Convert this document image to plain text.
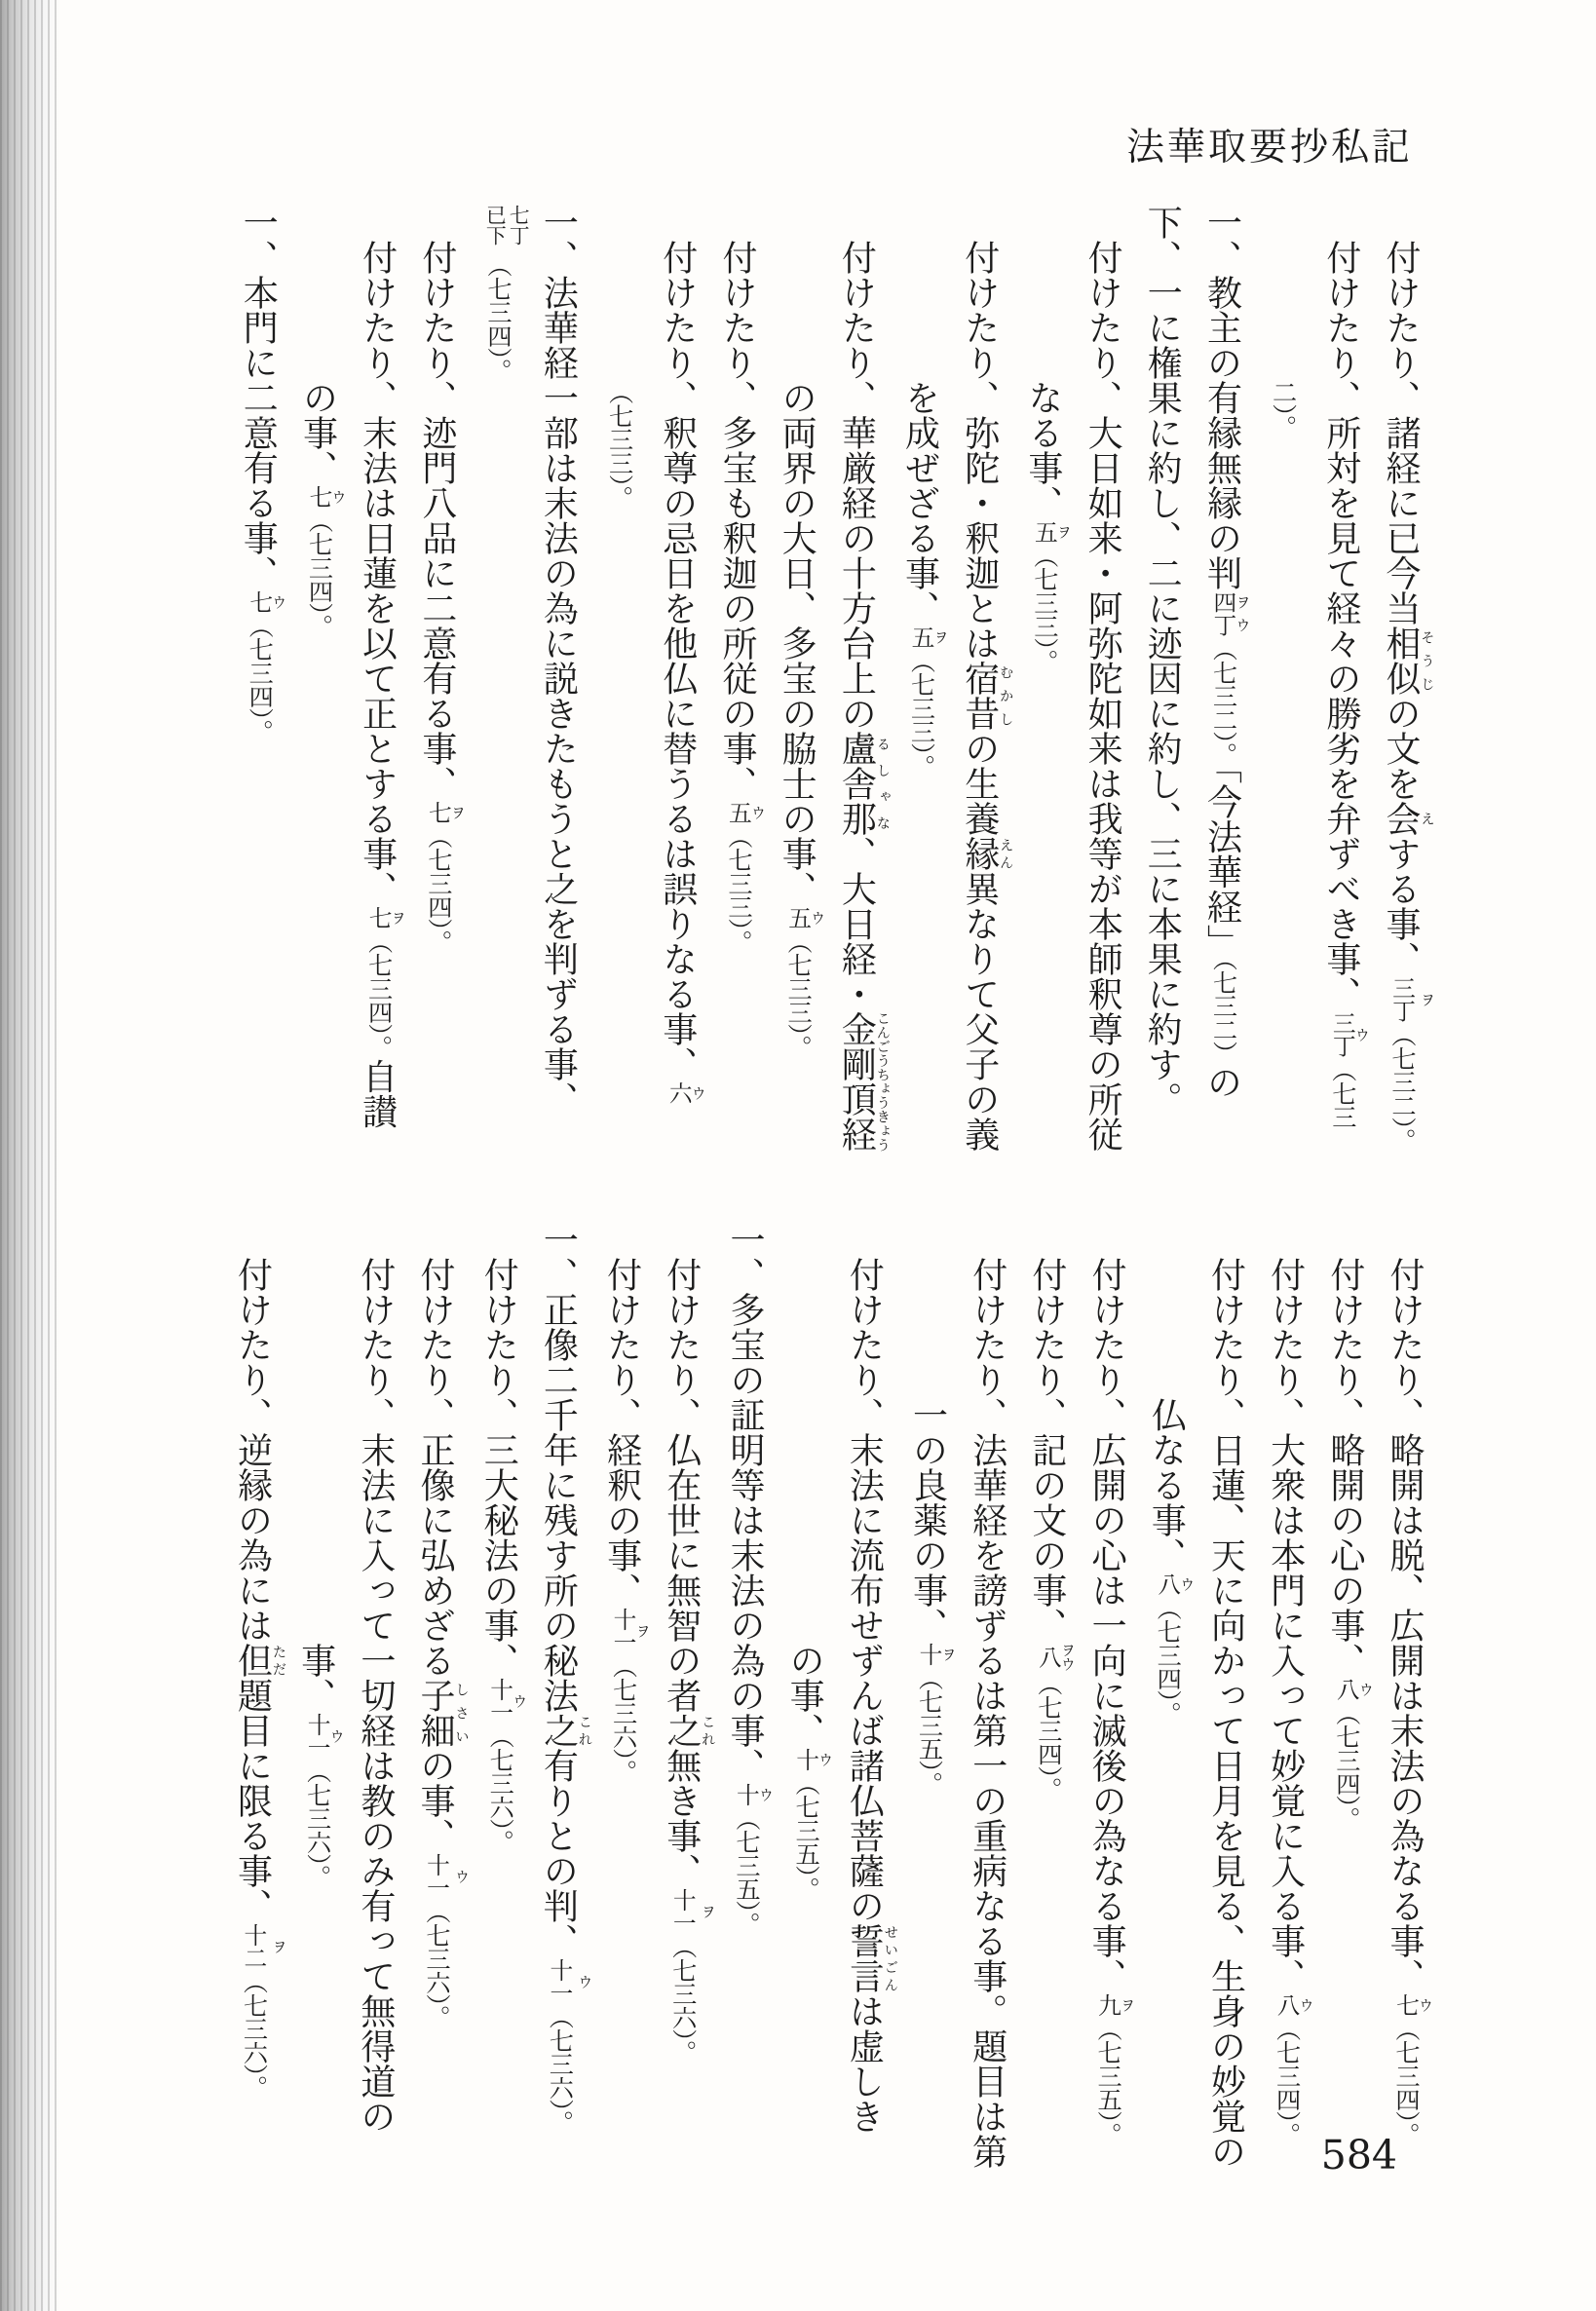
法華取要抄私記
付けたり、諸経に已今当相似そうじの文を会えする事、三丁 ヲ（七三二）。
付けたり、所対を見て経々の勝劣を弁ずべき事、三丁 ウ（七三
二）。
一、教主の有縁無縁の判四丁 ヲウ（七三二）。「今法華経」（七三二）の
下、一に権果に約し、二に迹因に約し、三に本果に約す。
付けたり、大日如来・阿弥陀如来は我等が本師釈尊の所従
なる事、五 ヲ（七三三）。
付けたり、弥陀・釈迦とは宿昔むかしの生養縁えん異なりて父子の義
を成ぜざる事、五 ヲ（七三三）。
付けたり、華厳経の十方台上の盧舎那るしゃな、大日経・金剛頂経こんごうちょうきょう
の両界の大日、多宝の脇士の事、五 ウ（七三三）。
付けたり、多宝も釈迦の所従の事、五 ウ（七三三）。
付けたり、釈尊の忌日を他仏に替うるは誤りなる事、六 ウ
（七三三）。
一、法華経一部は末法の為に説きたもうと之を判ずる事、
七丁已下（七三四）。
付けたり、迹門八品に二意有る事、七 ヲ（七三四）。
付けたり、末法は日蓮を以て正とする事、七 ヲ（七三四）。自讃
の事、七 ウ（七三四）。
一、本門に二意有る事、七 ウ（七三四）。
付けたり、略開は脱、広開は末法の為なる事、七 ウ（七三四）。
付けたり、略開の心の事、八 ウ（七三四）。
付けたり、大衆は本門に入って妙覚に入る事、八 ウ（七三四）。
付けたり、日蓮、天に向かって日月を見る、生身の妙覚の
仏なる事、八 ウ（七三四）。
付けたり、広開の心は一向に滅後の為なる事、九 ヲ（七三五）。
付けたり、記の文の事、八 ヲウ（七三四）。
付けたり、法華経を謗ずるは第一の重病なる事。題目は第
一の良薬の事、十 ヲ（七三五）。
付けたり、末法に流布せずんば諸仏菩薩の誓言せいごんは虚しき
の事、十 ウ（七三五）。
一、多宝の証明等は末法の為の事、十 ウ（七三五）。
付けたり、仏在世に無智の者之これ無き事、十一 ヲ（七三六）。
付けたり、経釈の事、十一 ヲ（七三六）。
一、正像二千年に残す所の秘法之これ有りとの判、十一 ウ（七三六）。
付けたり、三大秘法の事、十一 ウ（七三六）。
付けたり、正像に弘めざる子細しさいの事、十一 ウ（七三六）。
付けたり、末法に入って一切経は教のみ有って無得道の
事、十一 ウ（七三六）。
付けたり、逆縁の為には但ただ題目に限る事、十二 ヲ（七三六）。
584
